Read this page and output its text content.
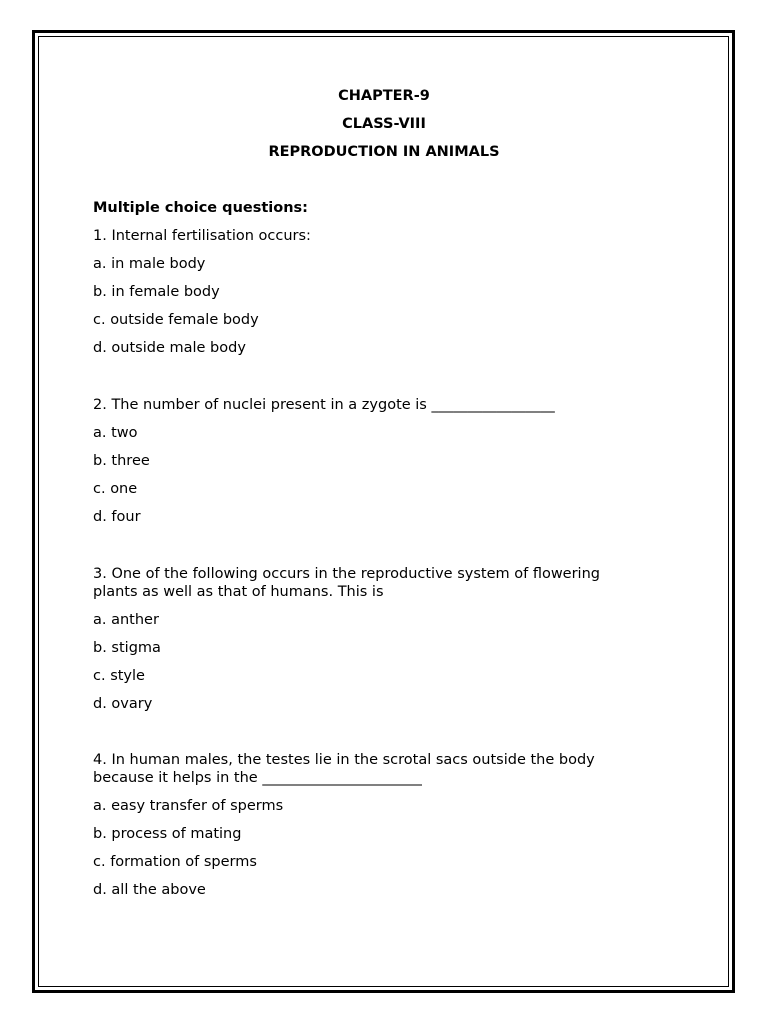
CHAPTER-9
CLASS-VIII
REPRODUCTION IN ANIMALS
Multiple choice questions:
1. Internal fertilisation occurs:
a. in male body
b. in female body
c. outside female body
d. outside male body
2. The number of nuclei present in a zygote is _________________
a. two
b. three
c. one
d. four
3. One of the following occurs in the reproductive system of flowering
plants as well as that of humans. This is
a. anther
b. stigma
c. style
d. ovary
4. In human males, the testes lie in the scrotal sacs outside the body
because it helps in the ______________________
a. easy transfer of sperms
b. process of mating
c. formation of sperms
d. all the above
